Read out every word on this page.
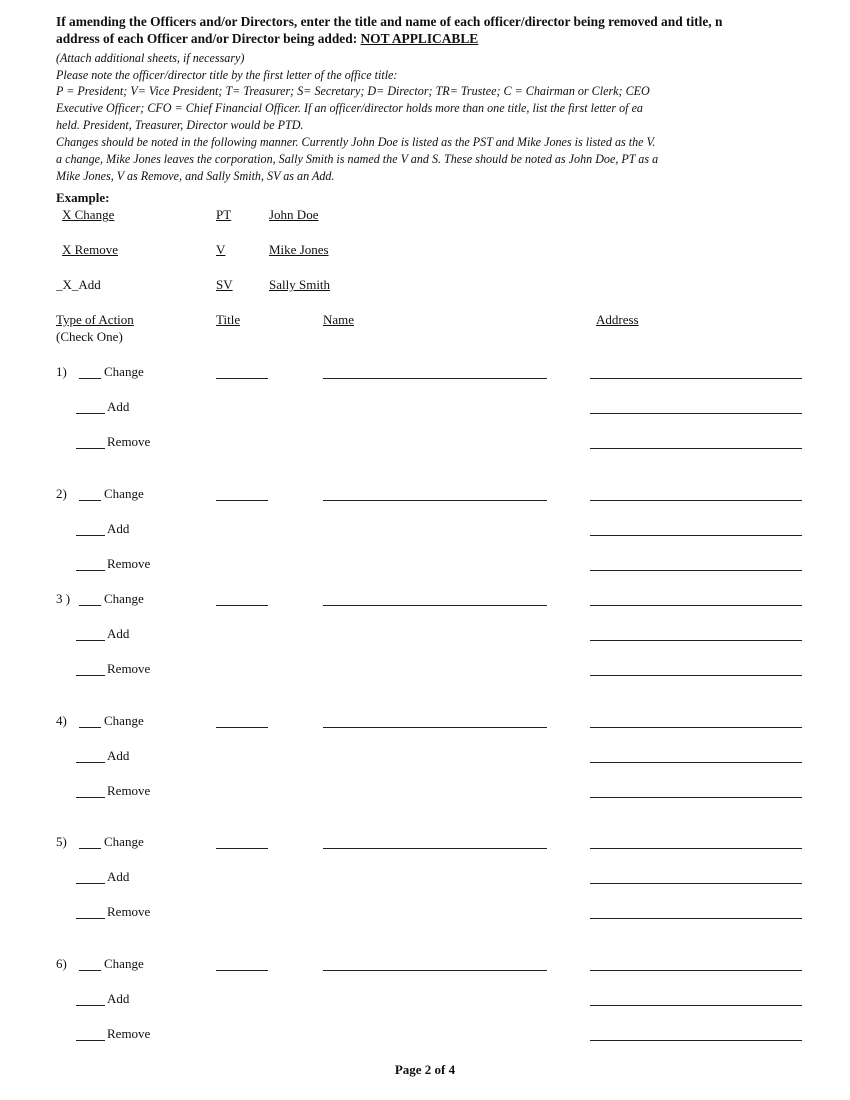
If amending the Officers and/or Directors, enter the title and name of each officer/director being removed and title, n
address of each Officer and/or Director being added: NOT APPLICABLE
(Attach additional sheets, if necessary)
Please note the officer/director title by the first letter of the office title:
P = President; V= Vice President; T= Treasurer; S= Secretary; D= Director; TR= Trustee; C = Chairman or Clerk; CEO
Executive Officer; CFO = Chief Financial Officer. If an officer/director holds more than one title, list the first letter of ea
held. President, Treasurer, Director would be PTD.
Changes should be noted in the following manner. Currently John Doe is listed as the PST and Mike Jones is listed as the V.
a change, Mike Jones leaves the corporation, Sally Smith is named the V and S. These should be noted as John Doe, PT as a
Mike Jones, V as Remove, and Sally Smith, SV as an Add.
Example:
X Change	PT	John Doe
X Remove	V	Mike Jones
_X_Add	SV	Sally Smith
Type of Action
(Check One)
Title	Name	Address
1)	Change
Add
Remove
2)	Change
Add
Remove
3 )	Change
Add
Remove
4)	Change
Add
Remove
5)	Change
Add
Remove
6)	Change
Add
Remove
Page 2 of 4
